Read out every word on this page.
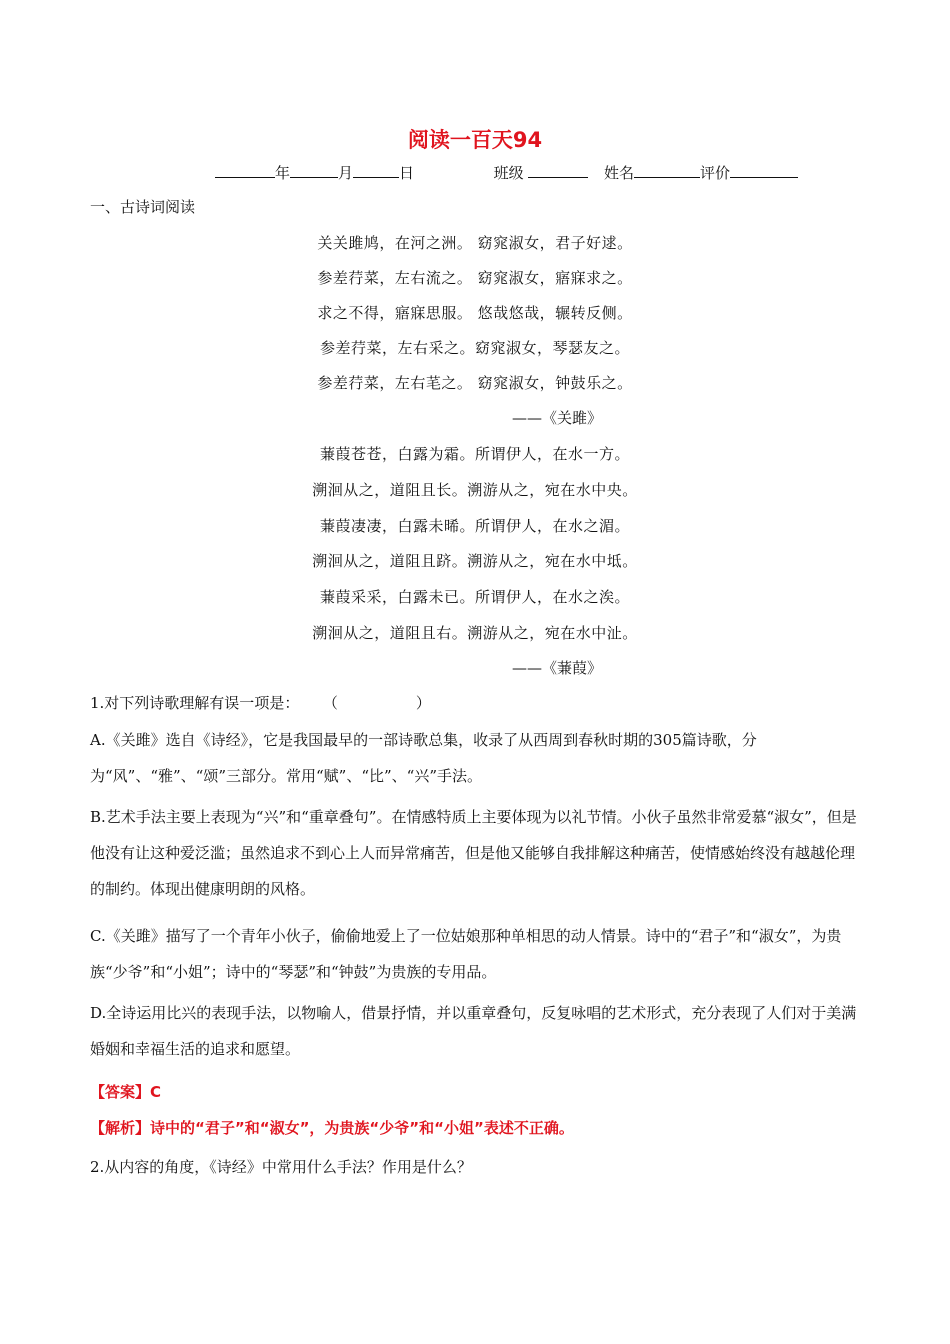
阅读一百天94
年	月	日	班级	姓名	评价
一、古诗词阅读
关关雎鸠，在河之洲。 窈窕淑女，君子好逑。
参差荇菜，左右流之。 窈窕淑女，寤寐求之。
求之不得，寤寐思服。 悠哉悠哉，辗转反侧。
参差荇菜，左右采之。窈窕淑女，琴瑟友之。
参差荇菜，左右芼之。 窈窕淑女，钟鼓乐之。
——《关雎》
蒹葭苍苍，白露为霜。所谓伊人，在水一方。
溯洄从之，道阻且长。溯游从之，宛在水中央。
蒹葭凄凄，白露未晞。所谓伊人，在水之湄。
溯洄从之，道阻且跻。溯游从之，宛在水中坻。
蒹葭采采，白露未已。所谓伊人，在水之涘。
溯洄从之，道阻且右。溯游从之，宛在水中沚。
——《蒹葭》
1.对下列诗歌理解有误一项是： （	）
A.《关雎》选自《诗经》，它是我国最早的一部诗歌总集，收录了从西周到春秋时期的305篇诗歌，分为“风”、“雅”、“颂”三部分。常用“赋”、“比”、“兴”手法。
B.艺术手法主要上表现为“兴”和“重章叠句”。在情感特质上主要体现为以礼节情。小伙子虽然非常爱慕“淑女”，但是他没有让这种爱泛滥；虽然追求不到心上人而异常痛苦，但是他又能够自我排解这种痛苦，使情感始终没有越越伦理的制约。体现出健康明朗的风格。
C.《关雎》描写了一个青年小伙子，偷偷地爱上了一位姑娘那种单相思的动人情景。诗中的“君子”和“淑女”，为贵族“少爷”和“小姐”；诗中的“琴瑟”和“钟鼓”为贵族的专用品。
D.全诗运用比兴的表现手法，以物喻人，借景抒情，并以重章叠句，反复咏唱的艺术形式，充分表现了人们对于美满婚姻和幸福生活的追求和愿望。
【答案】C
【解析】诗中的“君子”和“淑女”，为贵族“少爷”和“小姐”表述不正确。
2.从内容的角度，《诗经》中常用什么手法？作用是什么？
